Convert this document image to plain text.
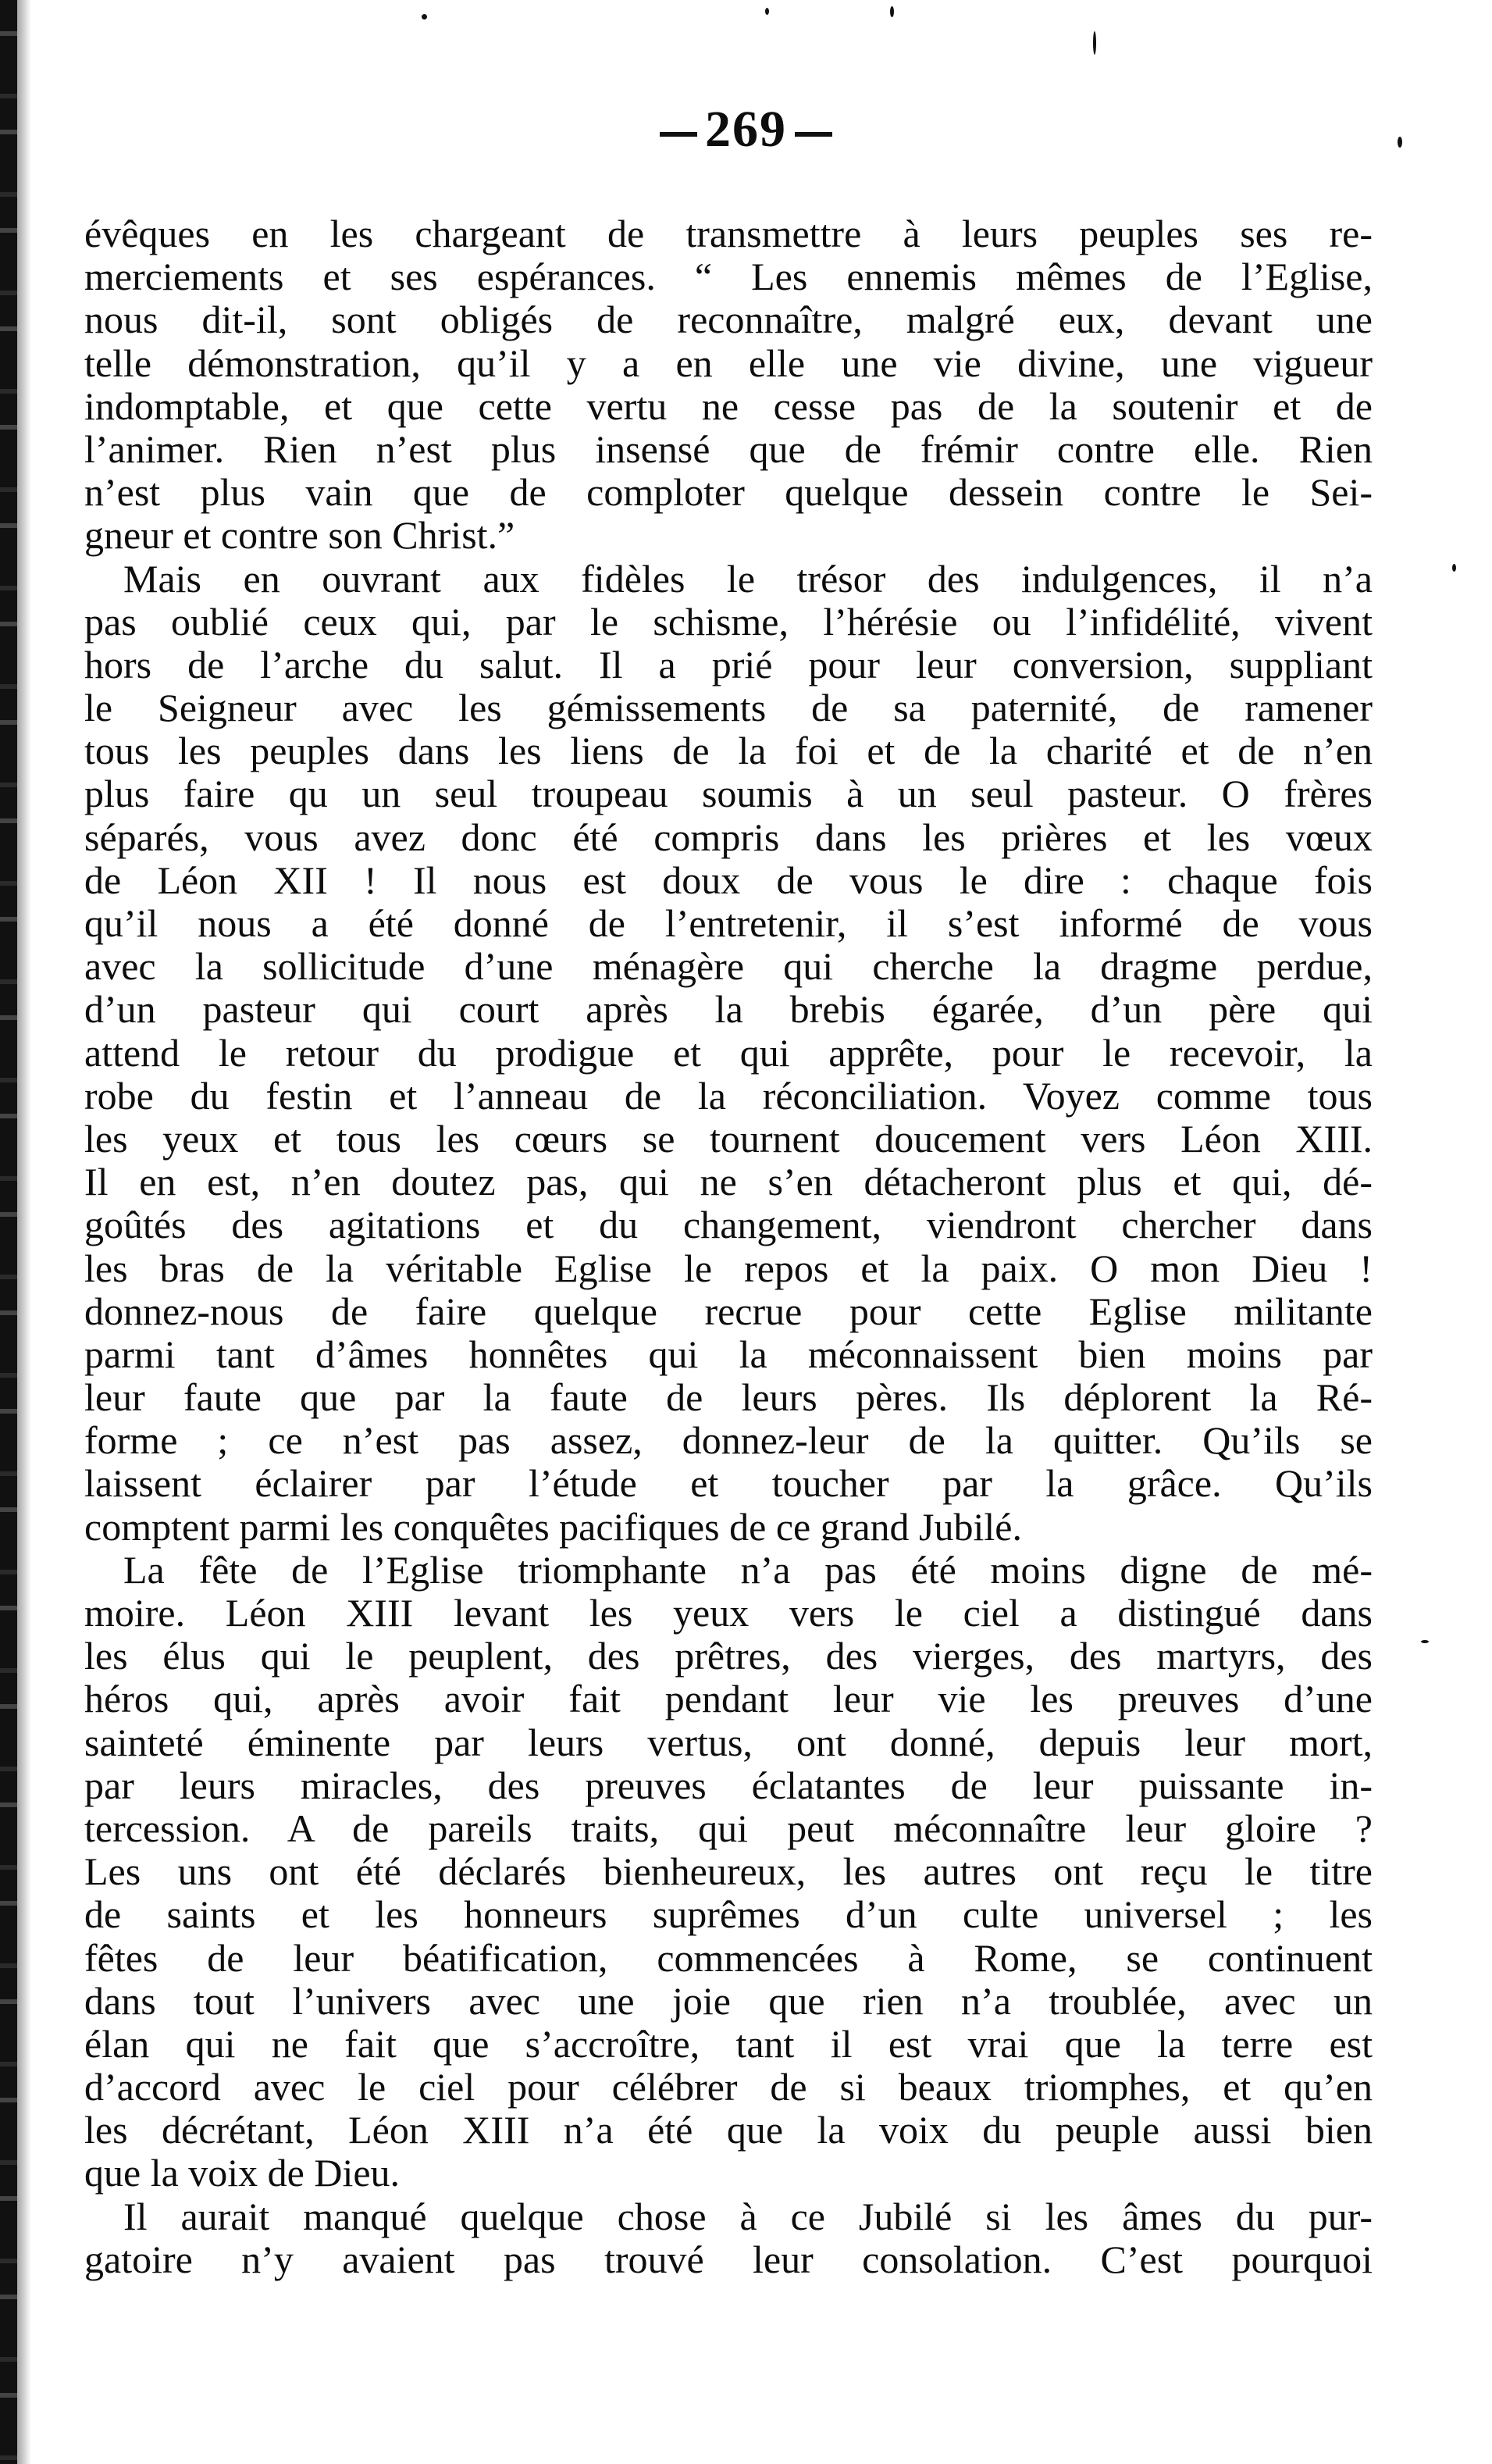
269
évêques en les chargeant de transmettre à leurs peuples ses re-
merciements et ses espérances. “ Les ennemis mêmes de l’Eglise,
nous dit-il, sont obligés de reconnaître, malgré eux, devant une
telle démonstration, qu’il y a en elle une vie divine, une vigueur
indomptable, et que cette vertu ne cesse pas de la soutenir et de
l’animer. Rien n’est plus insensé que de frémir contre elle. Rien
n’est plus vain que de comploter quelque dessein contre le Sei-
gneur et contre son Christ.”
Mais en ouvrant aux fidèles le trésor des indulgences, il n’a
pas oublié ceux qui, par le schisme, l’hérésie ou l’infidélité, vivent
hors de l’arche du salut. Il a prié pour leur conversion, suppliant
le Seigneur avec les gémissements de sa paternité, de ramener
tous les peuples dans les liens de la foi et de la charité et de n’en
plus faire qu un seul troupeau soumis à un seul pasteur. O frères
séparés, vous avez donc été compris dans les prières et les vœux
de Léon XII ! Il nous est doux de vous le dire : chaque fois
qu’il nous a été donné de l’entretenir, il s’est informé de vous
avec la sollicitude d’une ménagère qui cherche la dragme perdue,
d’un pasteur qui court après la brebis égarée, d’un père qui
attend le retour du prodigue et qui apprête, pour le recevoir, la
robe du festin et l’anneau de la réconciliation. Voyez comme tous
les yeux et tous les cœurs se tournent doucement vers Léon XIII.
Il en est, n’en doutez pas, qui ne s’en détacheront plus et qui, dé-
goûtés des agitations et du changement, viendront chercher dans
les bras de la véritable Eglise le repos et la paix. O mon Dieu !
donnez-nous de faire quelque recrue pour cette Eglise militante
parmi tant d’âmes honnêtes qui la méconnaissent bien moins par
leur faute que par la faute de leurs pères. Ils déplorent la Ré-
forme ; ce n’est pas assez, donnez-leur de la quitter. Qu’ils se
laissent éclairer par l’étude et toucher par la grâce. Qu’ils
comptent parmi les conquêtes pacifiques de ce grand Jubilé.
La fête de l’Eglise triomphante n’a pas été moins digne de mé-
moire. Léon XIII levant les yeux vers le ciel a distingué dans
les élus qui le peuplent, des prêtres, des vierges, des martyrs, des
héros qui, après avoir fait pendant leur vie les preuves d’une
sainteté éminente par leurs vertus, ont donné, depuis leur mort,
par leurs miracles, des preuves éclatantes de leur puissante in-
tercession. A de pareils traits, qui peut méconnaître leur gloire ?
Les uns ont été déclarés bienheureux, les autres ont reçu le titre
de saints et les honneurs suprêmes d’un culte universel ; les
fêtes de leur béatification, commencées à Rome, se continuent
dans tout l’univers avec une joie que rien n’a troublée, avec un
élan qui ne fait que s’accroître, tant il est vrai que la terre est
d’accord avec le ciel pour célébrer de si beaux triomphes, et qu’en
les décrétant, Léon XIII n’a été que la voix du peuple aussi bien
que la voix de Dieu.
Il aurait manqué quelque chose à ce Jubilé si les âmes du pur-
gatoire n’y avaient pas trouvé leur consolation. C’est pourquoi
